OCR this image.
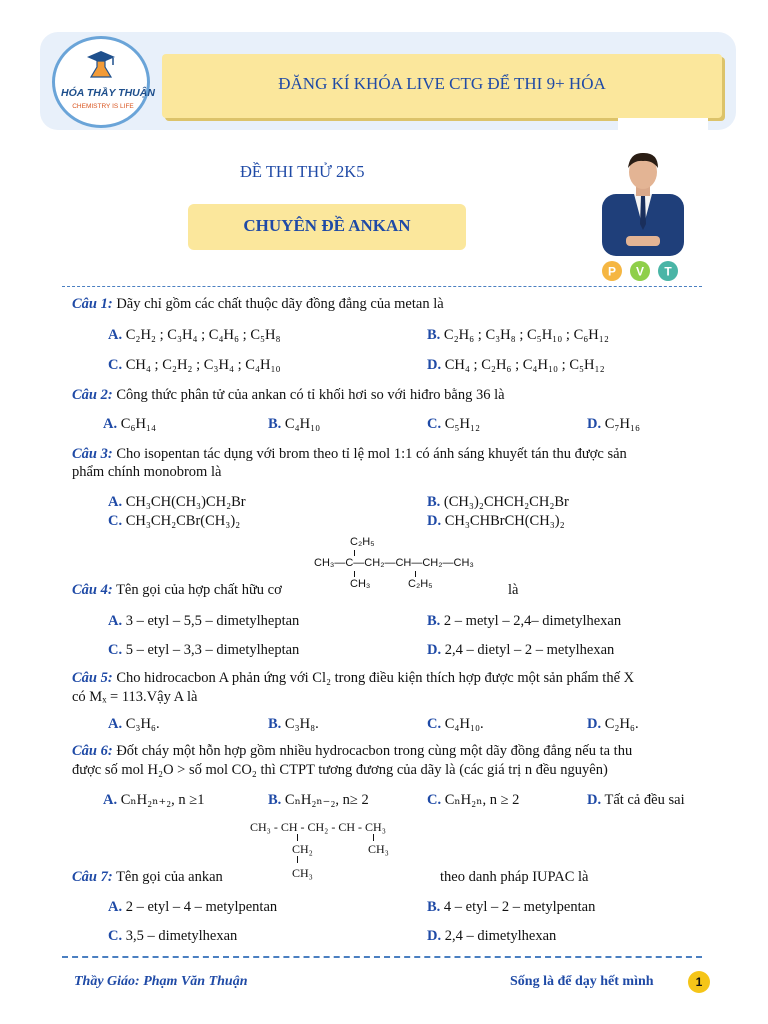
HÓA THẦY THUẬN
CHEMISTRY IS LIFE
ĐĂNG KÍ KHÓA LIVE CTG ĐỂ THI 9+ HÓA
ĐỀ THI THỬ 2K5
CHUYÊN ĐỀ ANKAN
P V T
Câu 1: Dãy chỉ gồm các chất thuộc dãy đồng đẳng của metan là
A. C₂H₂ ; C₃H₄ ; C₄H₆ ; C₅H₈	B. C₂H₆ ; C₃H₈ ; C₅H₁₀ ; C₆H₁₂
C. CH₄ ; C₂H₂ ; C₃H₄ ; C₄H₁₀	D. CH₄ ; C₂H₆ ; C₄H₁₀ ; C₅H₁₂
Câu 2: Công thức phân tử của ankan có tỉ khối hơi so với hiđro bằng 36 là
A. C₆H₁₄	B. C₄H₁₀	C. C₅H₁₂	D. C₇H₁₆
Câu 3: Cho isopentan tác dụng với brom theo tỉ lệ mol 1:1 có ánh sáng khuyết tán thu được sản
phẩm chính monobrom là
A. CH₃CH(CH₃)CH₂Br	B. (CH₃)₂CHCH₂CH₂Br
C. CH₃CH₂CBr(CH₃)₂	D. CH₃CHBrCH(CH₃)₂
C₂H₅
CH₃—C—CH₂—CH—CH₂—CH₃
CH₃	C₂H₅
Câu 4: Tên gọi của hợp chất hữu cơ	là
A. 3 – etyl – 5,5 – dimetylheptan	B. 2 – metyl – 2,4– dimetylhexan
C. 5 – etyl – 3,3 – dimetylheptan	D. 2,4 – dietyl – 2 – metylhexan
Câu 5: Cho hidrocacbon A phản ứng với Cl₂ trong điều kiện thích hợp được một sản phẩm thế X
có Mₓ = 113.Vậy A là
A. C₃H₆.	B. C₃H₈.	C. C₄H₁₀.	D. C₂H₆.
Câu 6: Đốt cháy một hỗn hợp gồm nhiều hydrocacbon trong cùng một dãy đồng đẳng nếu ta thu
được số mol H₂O > số mol CO₂ thì CTPT tương đương của dãy là (các giá trị n đều nguyên)
A. CₙH₂ₙ₊₂, n ≥1	B. CₙH₂ₙ₋₂, n≥ 2	C. CₙH₂ₙ, n ≥ 2	D. Tất cả đều sai
CH₃ - CH - CH₂ - CH - CH₃
CH₂	CH₃
CH₃
Câu 7: Tên gọi của ankan	theo danh pháp IUPAC là
A. 2 – etyl – 4 – metylpentan	B. 4 – etyl – 2 – metylpentan
C. 3,5 – dimetylhexan	D. 2,4 – dimetylhexan
Thầy Giáo: Phạm Văn Thuận	Sống là để dạy hết mình	1
